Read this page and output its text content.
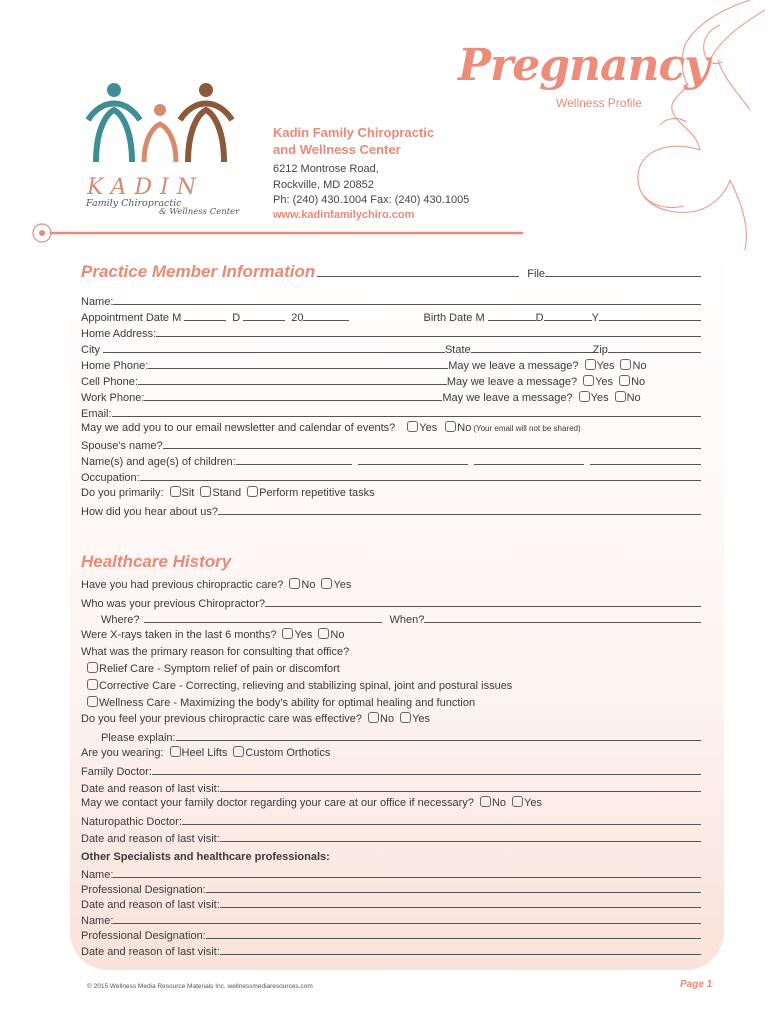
KADIN
Family Chiropractic
& Wellness Center
Kadin Family Chiropractic
and Wellness Center
6212 Montrose Road,
Rockville, MD 20852
Ph: (240) 430.1004 Fax: (240) 430.1005
www.kadinfamilychiro.com
Pregnancy
Wellness Profile
Practice Member Information	File
Name:
Appointment Date M	D	20	Birth Date M	D	Y
Home Address:
City	State	Zip
Home Phone:	May we leave a message?	Yes	No
Cell Phone:	May we leave a message?	Yes	No
Work Phone:	May we leave a message?	Yes	No
Email:
May we add you to our email newsletter and calendar of events?	Yes	No (Your email will not be shared)
Spouse's name?
Name(s) and age(s) of children:
Occupation:
Do you primarily:	Sit	Stand	Perform repetitive tasks
How did you hear about us?
Healthcare History
Have you had previous chiropractic care?	No	Yes
Who was your previous Chiropractor?
Where?	When?
Were X-rays taken in the last 6 months?	Yes	No
What was the primary reason for consulting that office?
Relief Care - Symptom relief of pain or discomfort
Corrective Care - Correcting, relieving and stabilizing spinal, joint and postural issues
Wellness Care - Maximizing the body's ability for optimal healing and function
Do you feel your previous chiropractic care was effective?	No	Yes
Please explain:
Are you wearing:	Heel Lifts	Custom Orthotics
Family Doctor:
Date and reason of last visit:
May we contact your family doctor regarding your care at our office if necessary?	No	Yes
Naturopathic Doctor:
Date and reason of last visit:
Other Specialists and healthcare professionals:
Name:
Professional Designation:
Date and reason of last visit:
Name:
Professional Designation:
Date and reason of last visit:
© 2015 Wellness Media Resource Materials Inc. wellnessmediaresources.com	Page 1
